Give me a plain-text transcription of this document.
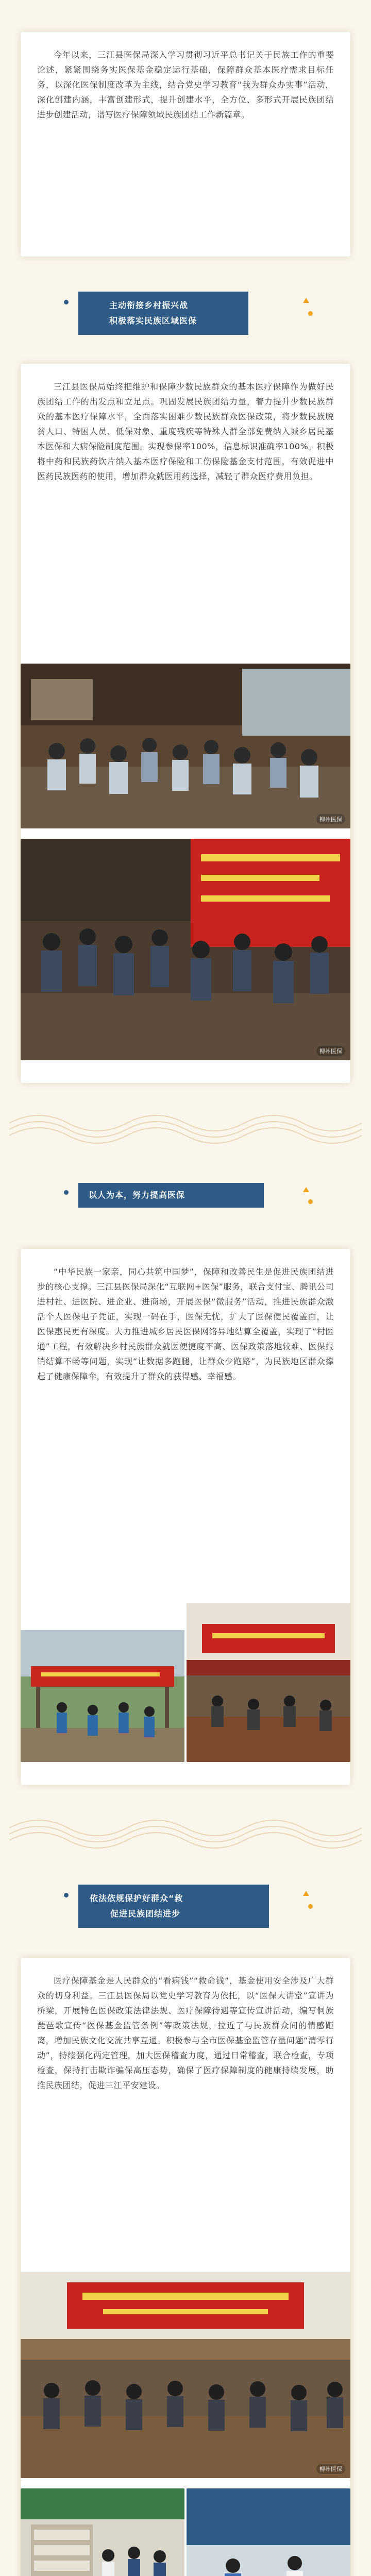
今年以来，三江县医保局深入学习贯彻习近平总书记关于民族工作的重要论述，紧紧围绕务实医保基金稳定运行基础，保障群众基本医疗需求目标任务，以深化医保制度改革为主线，结合党史学习教育“我为群众办实事”活动，深化创建内涵，丰富创建形式，提升创建水平，全方位、多形式开展民族团结进步创建活动，谱写医疗保障领域民族团结工作新篇章。

主动衔接乡村振兴战
积极落实民族区域医保

三江县医保局始终把维护和保障少数民族群众的基本医疗保障作为做好民族团结工作的出发点和立足点。巩固发展民族团结力量，着力提升少数民族群众的基本医疗保障水平，全面落实困难少数民族群众医保政策，将少数民族脱贫人口、特困人员、低保对象、重度残疾等特殊人群全部免费纳入城乡居民基本医保和大病保险制度范围。实现参保率100%，信息标识准确率100%。积极将中药和民族药饮片纳入基本医疗保险和工伤保险基金支付范围，有效促进中医药民族医药的使用，增加群众就医用药选择，减轻了群众医疗费用负担。

柳州医保
柳州医保
以人为本，努力提高医保

“中华民族一家亲，同心共筑中国梦”，保障和改善民生是促进民族团结进步的核心支撑。三江县医保局深化“互联网+医保”服务，联合支付宝、腾讯公司进村社、进医院、进企业、进商场，开展医保“微服务”活动，推进民族群众激活个人医保电子凭证，实现一码在手，医保无忧，扩大了医保便民覆盖面，让医保惠民更有深度。大力推进城乡居民医保网络异地结算全覆盖，实现了“村医通”工程，有效解决乡村民族群众就医便捷度不高、医保政策落地较难、医保报销结算不畅等问题，实现“让数据多跑腿，让群众少跑路”，为民族地区群众撑起了健康保障伞，有效提升了群众的获得感、幸福感。

依法依规保护好群众“救
促进民族团结进步

医疗保障基金是人民群众的“看病钱”“救命钱”，基金使用安全涉及广大群众的切身利益。三江县医保局以党史学习教育为依托，以“医保大讲堂”宣讲为桥梁，开展特色医保政策法律法规、医疗保障待遇等宣传宣讲活动，编写侗族琵琶歌宣传“医保基金监管条例”等政策法规，拉近了与民族群众间的情感距离，增加民族文化交流共享互通。积极参与全市医保基金监管存量问题“清零行动”，持续强化两定管理，加大医保稽查力度，通过日常稽查，联合检查，专项检查，保持打击欺诈骗保高压态势，确保了医疗保障制度的健康持续发展，助推民族团结，促进三江平安建设。

柳州医保
